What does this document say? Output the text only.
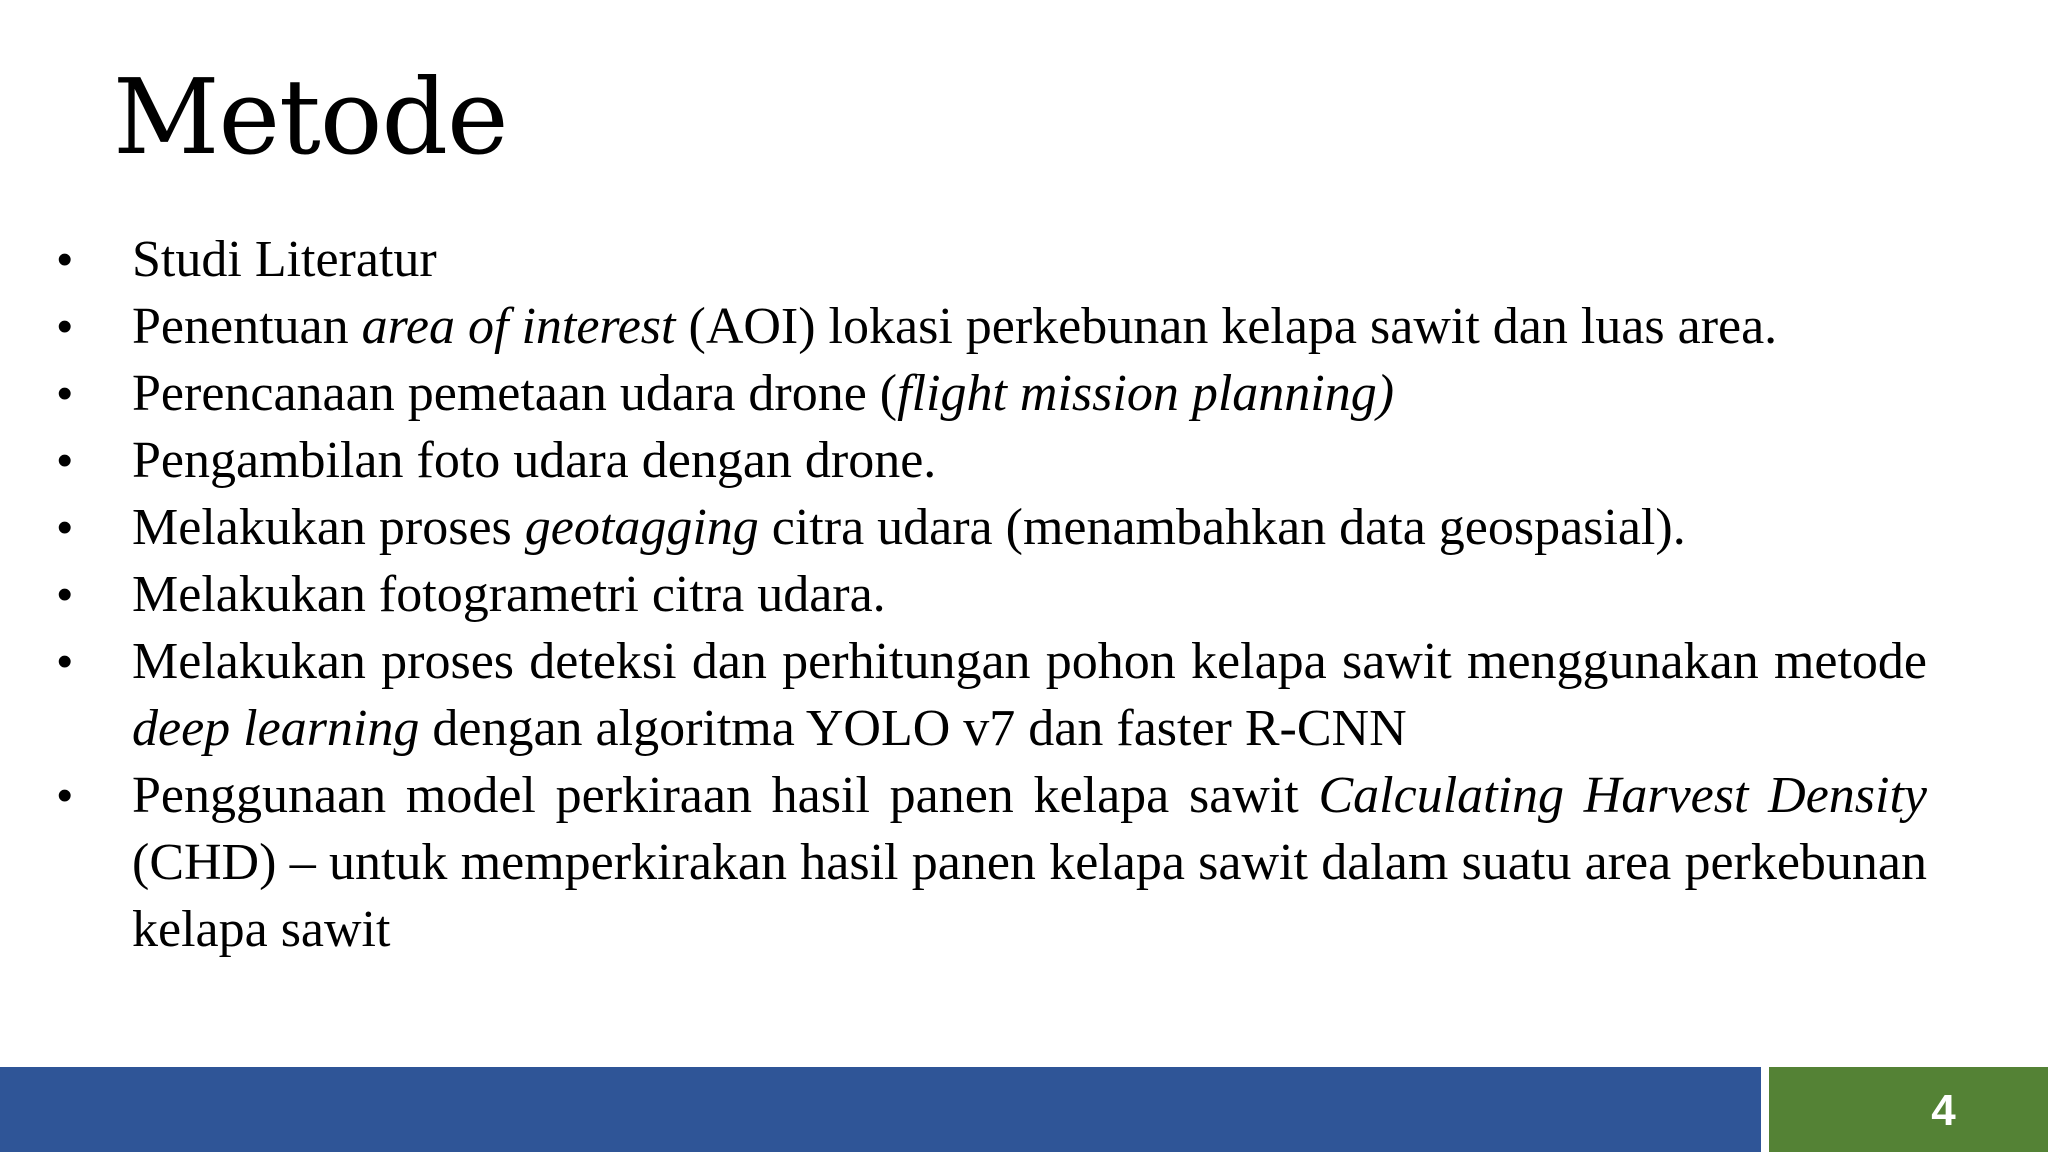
Metode
• Studi Literatur
• Penentuan area of interest (AOI) lokasi perkebunan kelapa sawit dan luas area.
• Perencanaan pemetaan udara drone (flight mission planning)
• Pengambilan foto udara dengan drone.
• Melakukan proses geotagging citra udara (menambahkan data geospasial).
• Melakukan fotogrametri citra udara.
• Melakukan proses deteksi dan perhitungan pohon kelapa sawit menggunakan metode deep learning dengan algoritma YOLO v7 dan faster R-CNN
• Penggunaan model perkiraan hasil panen kelapa sawit Calculating Harvest Density (CHD) – untuk memperkirakan hasil panen kelapa sawit dalam suatu area perkebunan kelapa sawit
4
